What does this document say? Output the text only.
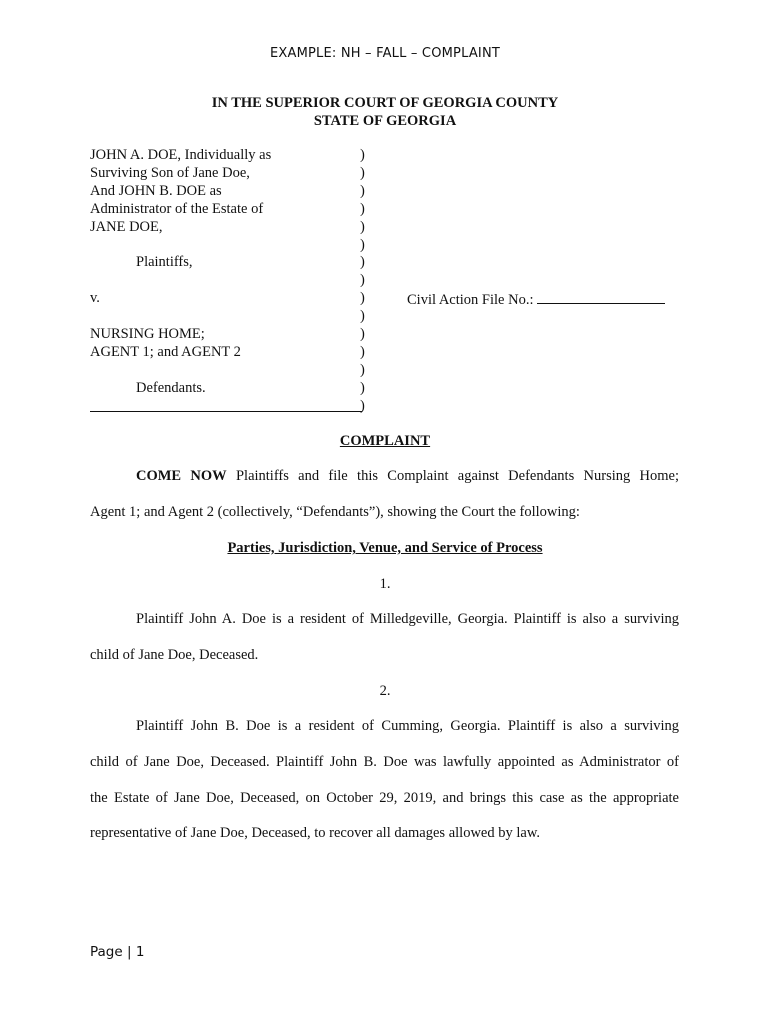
EXAMPLE: NH – FALL – COMPLAINT
IN THE SUPERIOR COURT OF GEORGIA COUNTY
STATE OF GEORGIA
JOHN A. DOE, Individually as
Surviving Son of Jane Doe,
And JOHN B. DOE as
Administrator of the Estate of
JANE DOE,
Plaintiffs,
v.
NURSING HOME;
AGENT 1; and AGENT 2
Defendants.
)
)
)
)
)
)
)
)
)
)
)
)
)
)
)
Civil Action File No.:
COMPLAINT
COME NOW Plaintiffs and file this Complaint against Defendants Nursing Home;
Agent 1; and Agent 2 (collectively, “Defendants”), showing the Court the following:
Parties, Jurisdiction, Venue, and Service of Process
1.
Plaintiff John A. Doe is a resident of Milledgeville, Georgia. Plaintiff is also a surviving
child of Jane Doe, Deceased.
2.
Plaintiff John B. Doe is a resident of Cumming, Georgia. Plaintiff is also a surviving
child of Jane Doe, Deceased. Plaintiff John B. Doe was lawfully appointed as Administrator of
the Estate of Jane Doe, Deceased, on October 29, 2019, and brings this case as the appropriate
representative of Jane Doe, Deceased, to recover all damages allowed by law.
Page | 1
